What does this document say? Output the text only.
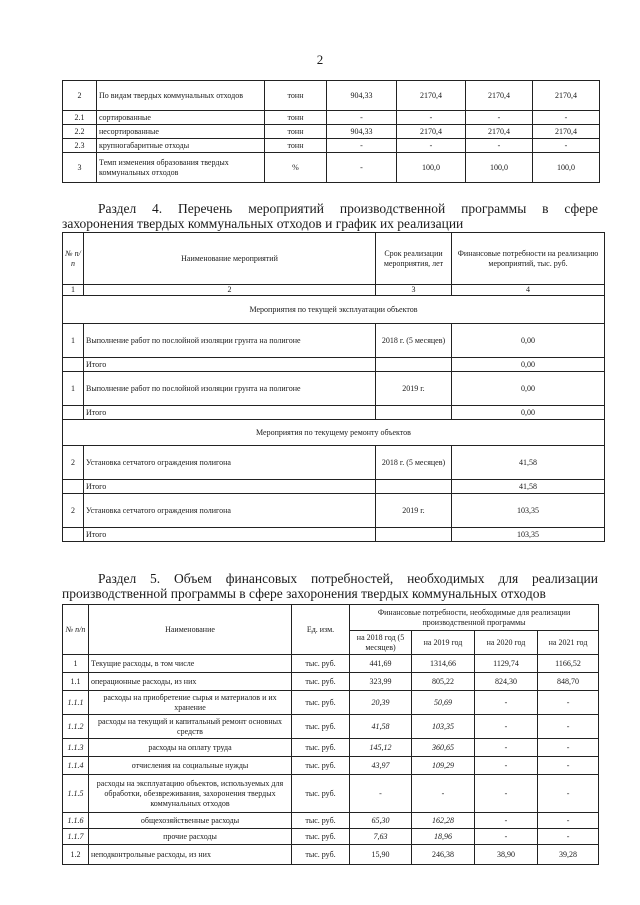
2
2	По видам твердых коммунальных отходов	тонн	904,33	2170,4	2170,4	2170,4
2.1	сортированные	тонн	-	-	-	-
2.2	несортированные	тонн	904,33	2170,4	2170,4	2170,4
2.3	крупногабаритные отходы	тонн	-	-	-	-
3	Темп изменения образования твердых коммунальных отходов	%	-	100,0	100,0	100,0
Раздел 4. Перечень мероприятий производственной программы в сфере
захоронения твердых коммунальных отходов и график их реализации
№ п/п	Наименование мероприятий	Срок реализации мероприятия, лет	Финансовые потребности на реализацию мероприятий, тыс. руб.
1	2	3	4
Мероприятия по текущей эксплуатации объектов			
1	Выполнение работ по послойной изоляции грунта на полигоне	2018 г. (5 месяцев)	0,00
	Итого		0,00
1	Выполнение работ по послойной изоляции грунта на полигоне	2019 г.	0,00
	Итого		0,00
Мероприятия по текущему ремонту объектов			
2	Установка сетчатого ограждения полигона	2018 г. (5 месяцев)	41,58
	Итого		41,58
2	Установка сетчатого ограждения полигона	2019 г.	103,35
	Итого		103,35
Раздел 5. Объем финансовых потребностей, необходимых для реализации
производственной программы в сфере захоронения твердых коммунальных отходов
№ п/п	Наименование	Ед. изм.	Финансовые потребности, необходимые для реализации производственной программы			
			на 2018 год (5 месяцев)	на 2019 год	на 2020 год	на 2021 год
1	Текущие расходы, в том числе	тыс. руб.	441,69	1314,66	1129,74	1166,52
1.1	операционные расходы, из них	тыс. руб.	323,99	805,22	824,30	848,70
1.1.1	расходы на приобретение сырья и материалов и их хранение	тыс. руб.	20,39	50,69	-	-
1.1.2	расходы на текущий и капитальный ремонт основных средств	тыс. руб.	41,58	103,35	-	-
1.1.3	расходы на оплату труда	тыс. руб.	145,12	360,65	-	-
1.1.4	отчисления на социальные нужды	тыс. руб.	43,97	109,29	-	-
1.1.5	расходы на эксплуатацию объектов, используемых для обработки, обезвреживания, захоронения твердых коммунальных отходов	тыс. руб.	-	-	-	-
1.1.6	общехозяйственные расходы	тыс. руб.	65,30	162,28	-	-
1.1.7	прочие расходы	тыс. руб.	7,63	18,96	-	-
1.2	неподконтрольные расходы, из них	тыс. руб.	15,90	246,38	38,90	39,28
